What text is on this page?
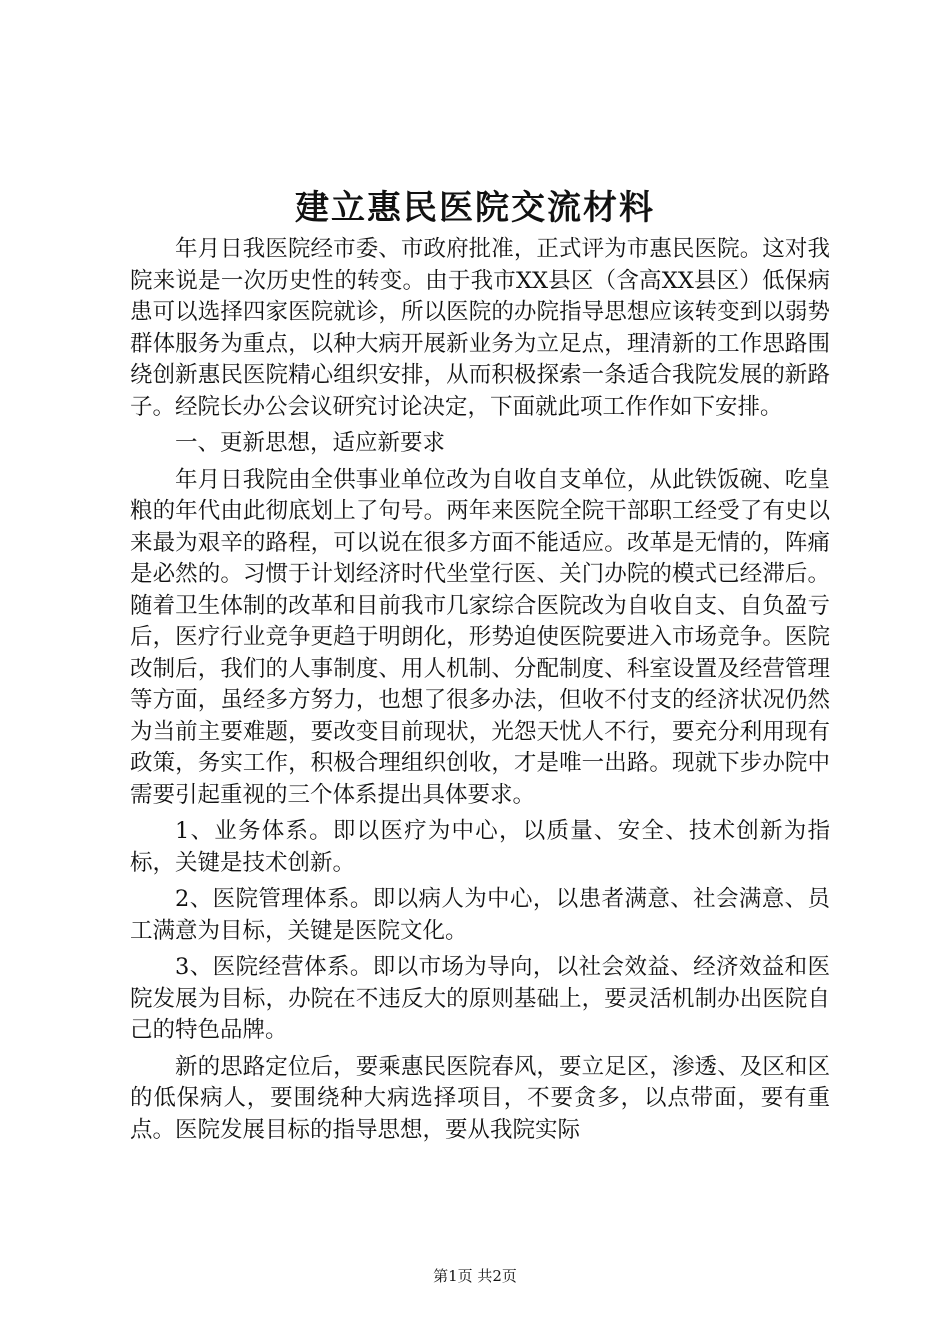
建立惠民医院交流材料

年月日我医院经市委、市政府批准，正式评为市惠民医院。这对我院来说是一次历史性的转变。由于我市XX县区（含高XX县区）低保病患可以选择四家医院就诊，所以医院的办院指导思想应该转变到以弱势群体服务为重点，以种大病开展新业务为立足点，理清新的工作思路围绕创新惠民医院精心组织安排，从而积极探索一条适合我院发展的新路子。经院长办公会议研究讨论决定，下面就此项工作作如下安排。

一、更新思想，适应新要求

年月日我院由全供事业单位改为自收自支单位，从此铁饭碗、吃皇粮的年代由此彻底划上了句号。两年来医院全院干部职工经受了有史以来最为艰辛的路程，可以说在很多方面不能适应。改革是无情的，阵痛是必然的。习惯于计划经济时代坐堂行医、关门办院的模式已经滞后。随着卫生体制的改革和目前我市几家综合医院改为自收自支、自负盈亏后，医疗行业竞争更趋于明朗化，形势迫使医院要进入市场竞争。医院改制后，我们的人事制度、用人机制、分配制度、科室设置及经营管理等方面，虽经多方努力，也想了很多办法，但收不付支的经济状况仍然为当前主要难题，要改变目前现状，光怨天忧人不行，要充分利用现有政策，务实工作，积极合理组织创收，才是唯一出路。现就下步办院中需要引起重视的三个体系提出具体要求。

1、业务体系。即以医疗为中心，以质量、安全、技术创新为指标，关键是技术创新。

2、医院管理体系。即以病人为中心，以患者满意、社会满意、员工满意为目标，关键是医院文化。

3、医院经营体系。即以市场为导向，以社会效益、经济效益和医院发展为目标，办院在不违反大的原则基础上，要灵活机制办出医院自己的特色品牌。

新的思路定位后，要乘惠民医院春风，要立足区，渗透、及区和区的低保病人，要围绕种大病选择项目，不要贪多，以点带面，要有重点。医院发展目标的指导思想，要从我院实际

第1页 共2页
